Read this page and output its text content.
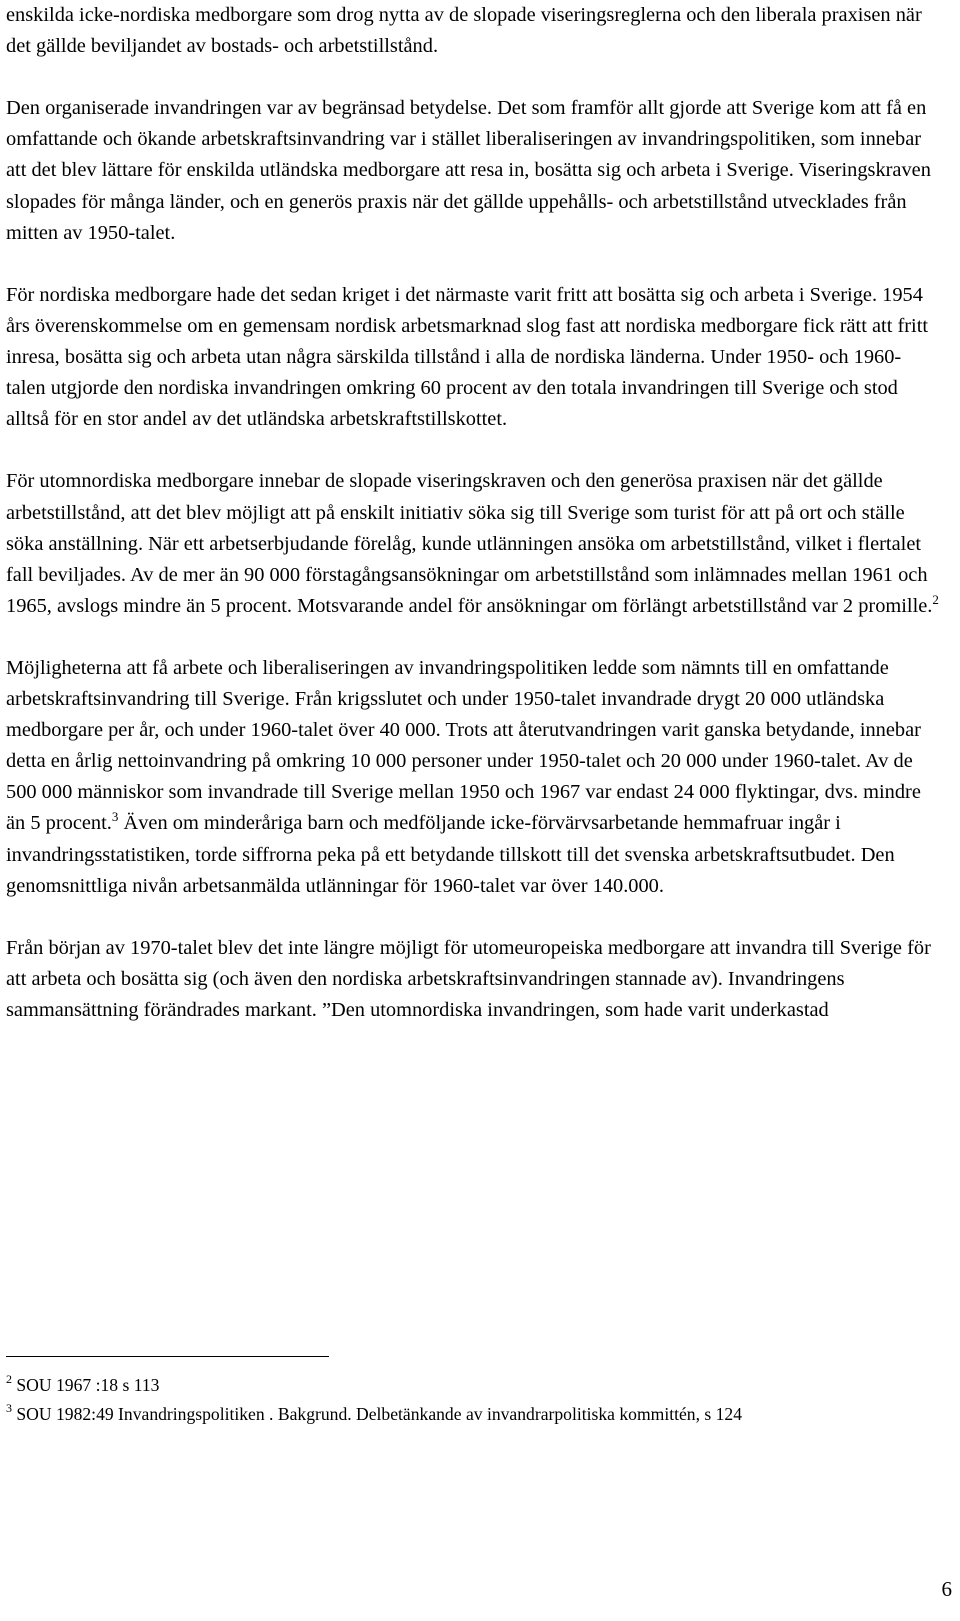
enskilda icke-nordiska medborgare som drog nytta av de slopade viseringsreglerna och den liberala praxisen när det gällde beviljandet av bostads- och arbetstillstånd.

Den organiserade invandringen var av begränsad betydelse. Det som framför allt gjorde att Sverige kom att få en omfattande och ökande arbetskraftsinvandring var i stället liberaliseringen av invandringspolitiken, som innebar att det blev lättare för enskilda utländska medborgare att resa in, bosätta sig och arbeta i Sverige. Viseringskraven slopades för många länder, och en generös praxis när det gällde uppehålls- och arbetstillstånd utvecklades från mitten av 1950-talet.

För nordiska medborgare hade det sedan kriget i det närmaste varit fritt att bosätta sig och arbeta i Sverige. 1954 års överenskommelse om en gemensam nordisk arbetsmarknad slog fast att nordiska medborgare fick rätt att fritt inresa, bosätta sig och arbeta utan några särskilda tillstånd i alla de nordiska länderna. Under 1950- och 1960-talen utgjorde den nordiska invandringen omkring 60 procent av den totala invandringen till Sverige och stod alltså för en stor andel av det utländska arbetskraftstillskottet.

För utomnordiska medborgare innebar de slopade viseringskraven och den generösa praxisen när det gällde arbetstillstånd, att det blev möjligt att på enskilt initiativ söka sig till Sverige som turist för att på ort och ställe söka anställning. När ett arbetserbjudande förelåg, kunde utlänningen ansöka om arbetstillstånd, vilket i flertalet fall beviljades. Av de mer än 90 000 förstagångsansökningar om arbetstillstånd som inlämnades mellan 1961 och 1965, avslogs mindre än 5 procent. Motsvarande andel för ansökningar om förlängt arbetstillstånd var 2 promille.$^2$

Möjligheterna att få arbete och liberaliseringen av invandringspolitiken ledde som nämnts till en omfattande arbetskraftsinvandring till Sverige. Från krigsslutet och under 1950-talet invandrade drygt 20 000 utländska medborgare per år, och under 1960-talet över 40 000. Trots att återutvandringen varit ganska betydande, innebar detta en årlig nettoinvandring på omkring 10 000 personer under 1950-talet och 20 000 under 1960-talet. Av de 500 000 människor som invandrade till Sverige mellan 1950 och 1967 var endast 24 000 flyktingar, dvs. mindre än 5 procent.$^3$ Även om minderåriga barn och medföljande icke-förvärvsarbetande hemmafruar ingår i invandringsstatistiken, torde siffrorna peka på ett betydande tillskott till det svenska arbetskraftsutbudet. Den genomsnittliga nivån arbetsanmälda utlänningar för 1960-talet var över 140.000.

Från början av 1970-talet blev det inte längre möjligt för utomeuropeiska medborgare att invandra till Sverige för att arbeta och bosätta sig (och även den nordiska arbetskraftsinvandringen stannade av). Invandringens sammansättning förändrades markant. ”Den utomnordiska invandringen, som hade varit underkastad

$^2$ SOU 1967 :18 s 113

$^3$ SOU 1982:49 Invandringspolitiken . Bakgrund. Delbetänkande av invandrarpolitiska kommittén, s 124

6
